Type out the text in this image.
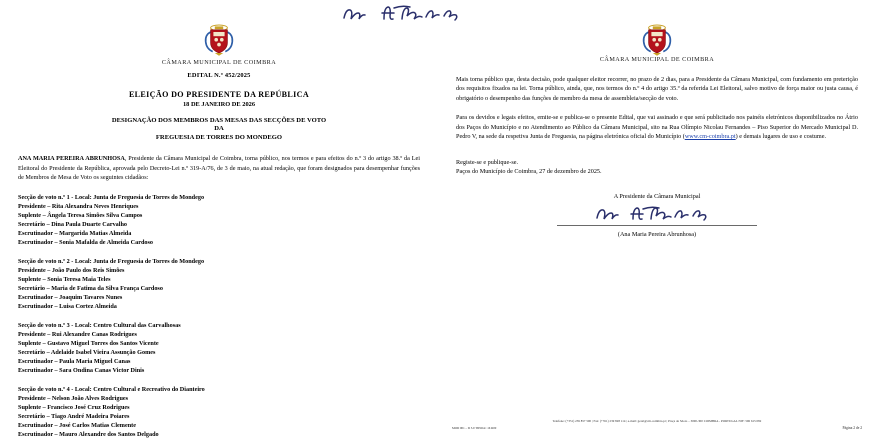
CÂMARA MUNICIPAL DE COIMBRA
EDITAL N.º 452/2025
ELEIÇÃO DO PRESIDENTE DA REPÚBLICA
18 DE JANEIRO DE 2026
DESIGNAÇÃO DOS MEMBROS DAS MESAS DAS SECÇÕES DE VOTO
DA
FREGUESIA DE TORRES DO MONDEGO
ANA MARIA PEREIRA ABRUNHOSA, Presidente da Câmara Municipal de Coimbra, torna público, nos termos e para efeitos do n.º 3 do artigo 38.º da Lei Eleitoral do Presidente da República, aprovada pelo Decreto-Lei n.º 319-A/76, de 3 de maio, na atual redação, que foram designados para desempenhar funções de Membros de Mesa de Voto os seguintes cidadãos:
Secção de voto n.º 1 - Local: Junta de Freguesia de Torres do Mondego
Presidente – Rita Alexandra Neves Henriques
Suplente – Ângela Teresa Simões Silva Campos
Secretário – Dina Paula Duarte Carvalho
Escrutinador – Margarida Matias Almeida
Escrutinador – Sonia Mafalda de Almeida Cardoso
Secção de voto n.º 2 - Local: Junta de Freguesia de Torres do Mondego
Presidente – João Paulo dos Reis Simões
Suplente – Sonia Teresa Maia Teles
Secretário – Maria de Fatima da Silva França Cardoso
Escrutinador – Joaquim Tavares Nunes
Escrutinador – Luisa Cortez Almeida
Secção de voto n.º 3 - Local: Centro Cultural das Carvalhosas
Presidente – Rui Alexandre Canas Rodrigues
Suplente – Gustavo Miguel Torres dos Santos Vicente
Secretário – Adelaide Isabel Vieira Assunção Gomes
Escrutinador – Paula Maria Miguel Canas
Escrutinador – Sara Ondina Canas Victor Dinis
Secção de voto n.º 4 - Local: Centro Cultural e Recreativo do Dianteiro
Presidente – Nelson João Alves Rodrigues
Suplente – Francisco José Cruz Rodrigues
Secretário – Tiago André Madeira Poiares
Escrutinador – José Carlos Matias Clemente
Escrutinador – Mauro Alexandre dos Santos Delgado
CÂMARA MUNICIPAL DE COIMBRA
Mais torna público que, desta decisão, pode qualquer eleitor recorrer, no prazo de 2 dias, para a Presidente da Câmara Municipal, com fundamento em preterição dos requisitos fixados na lei. Torna público, ainda, que, nos termos do n.º 4 do artigo 35.º da referida Lei Eleitoral, salvo motivo de força maior ou justa causa, é obrigatório o desempenho das funções de membro da mesa de assembleia/secção de voto.
Para os devidos e legais efeitos, emite-se e publica-se o presente Edital, que vai assinado e que será publicitado nos painéis eletrónicos disponibilizados no Átrio dos Paços do Município e no Atendimento ao Público da Câmara Municipal, sito na Rua Olímpio Nicolau Fernandes – Piso Superior do Mercado Municipal D. Pedro V, na sede da respetiva Junta de Freguesia, na página eletrónica oficial do Município (www.cm-coimbra.pt) e demais lugares de uso e costume.
Registe-se e publique-se.
Paços do Município de Coimbra, 27 de dezembro de 2025.
A Presidente da Câmara Municipal
(Ana Maria Pereira Abrunhosa)
Telefone: (+351) 239 857 500 | Fax: (+351) 239 828 114 | e-mail: geral@cm-coimbra.pt | Praça de Sdoto – 3000-300 COIMBRA - PORTUGAL NIF: 506 615 082
MOD 001 – D 3.0 TIPOGC 16 R00	Página 2 de 2
